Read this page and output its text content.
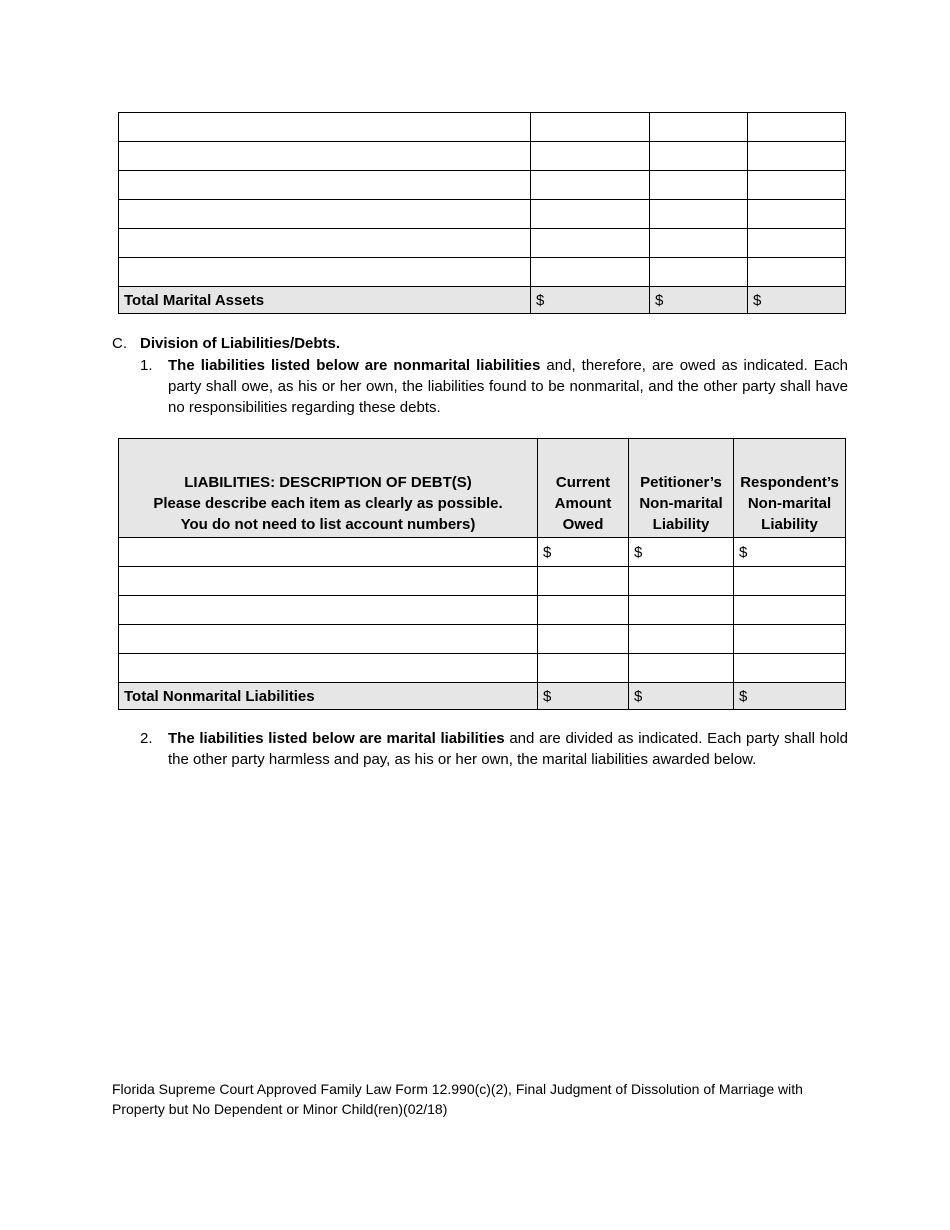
Total Marital Assets	$	$	$
C. Division of Liabilities/Debts.
1. The liabilities listed below are nonmarital liabilities and, therefore, are owed as indicated. Each party shall owe, as his or her own, the liabilities found to be nonmarital, and the other party shall have no responsibilities regarding these debts.
2. The liabilities listed below are marital liabilities and are divided as indicated. Each party shall hold the other party harmless and pay, as his or her own, the marital liabilities awarded below.
LIABILITIES: DESCRIPTION OF DEBT(S)
Please describe each item as clearly as possible.
You do not need to list account numbers)	Current Amount Owed	Petitioner’s Non-marital Liability	Respondent’s Non-marital Liability
	$	$	$

Total Nonmarital Liabilities	$	$	$
Florida Supreme Court Approved Family Law Form 12.990(c)(2), Final Judgment of Dissolution of Marriage with
Property but No Dependent or Minor Child(ren)(02/18)
